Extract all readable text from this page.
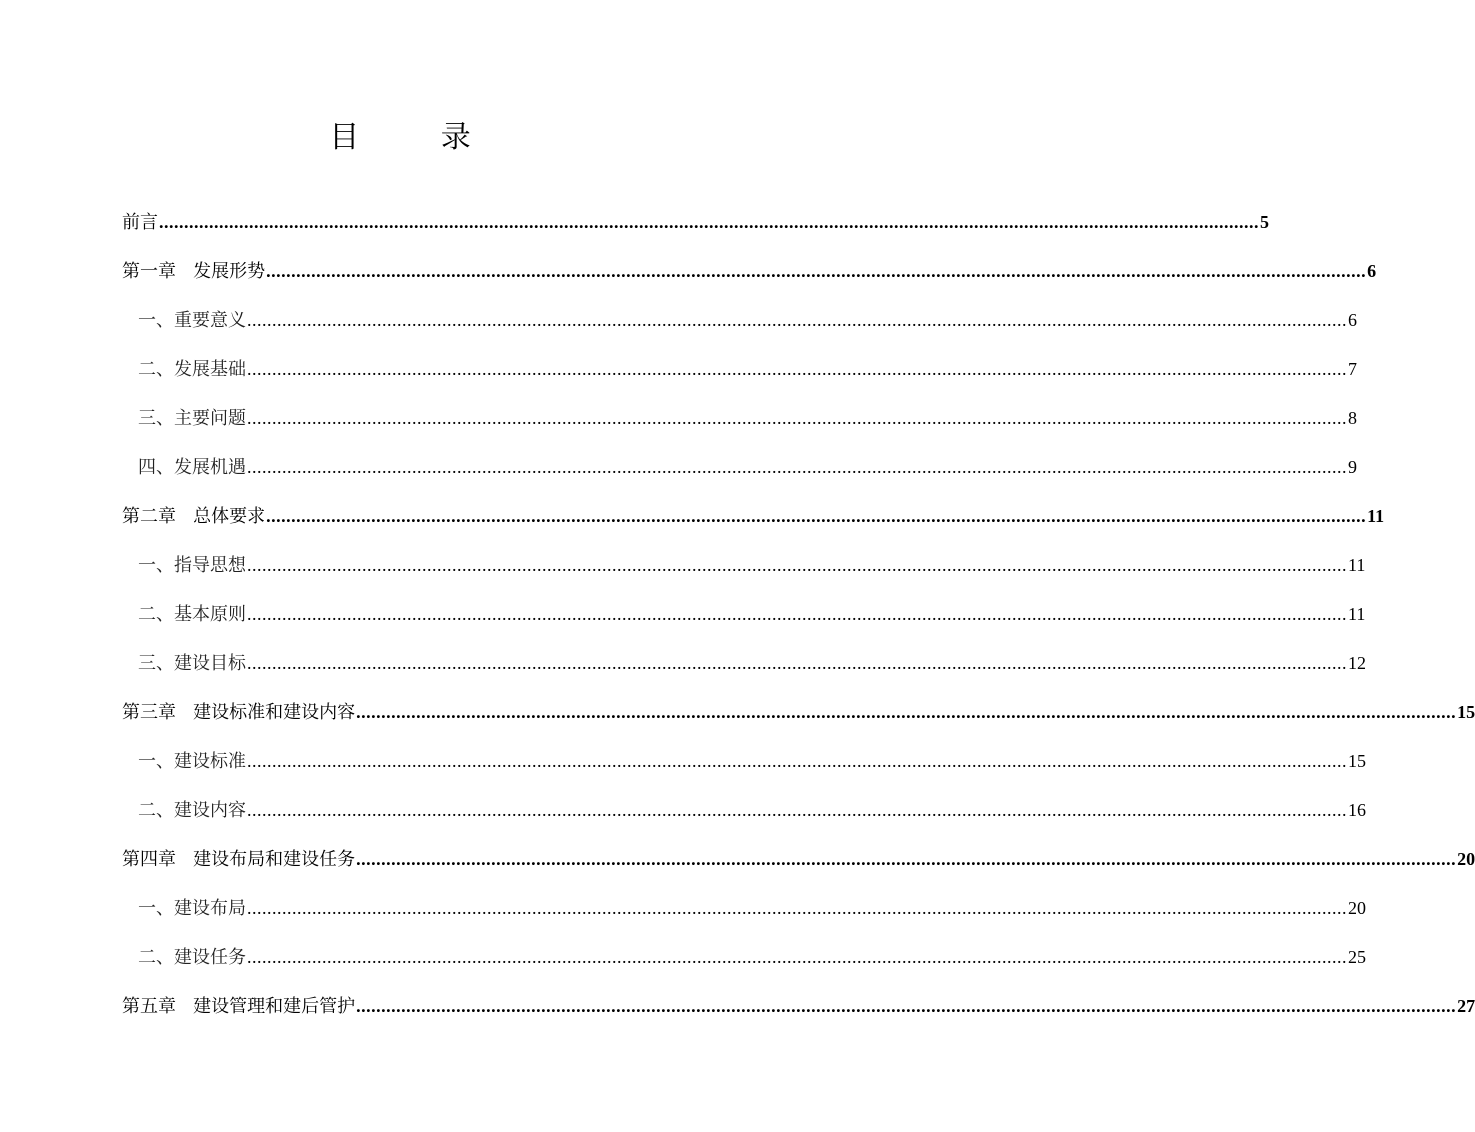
目 录
前言 ............................................................................................................................................................................................................................ 5
第一章   发展形势 ............................................................................................................................................................................................................................ 6
一、重要意义 ............................................................................................................................................................................................................................ 6
二、发展基础 ............................................................................................................................................................................................................................ 7
三、主要问题 ............................................................................................................................................................................................................................ 8
四、发展机遇 ............................................................................................................................................................................................................................ 9
第二章   总体要求 ............................................................................................................................................................................................................................ 11
一、指导思想 ............................................................................................................................................................................................................................ 11
二、基本原则 ............................................................................................................................................................................................................................ 11
三、建设目标 ............................................................................................................................................................................................................................ 12
第三章   建设标准和建设内容 ............................................................................................................................................................................................................................ 15
一、建设标准 ............................................................................................................................................................................................................................ 15
二、建设内容 ............................................................................................................................................................................................................................ 16
第四章   建设布局和建设任务 ............................................................................................................................................................................................................................ 20
一、建设布局 ............................................................................................................................................................................................................................ 20
二、建设任务 ............................................................................................................................................................................................................................ 25
第五章   建设管理和建后管护 ............................................................................................................................................................................................................................ 27
